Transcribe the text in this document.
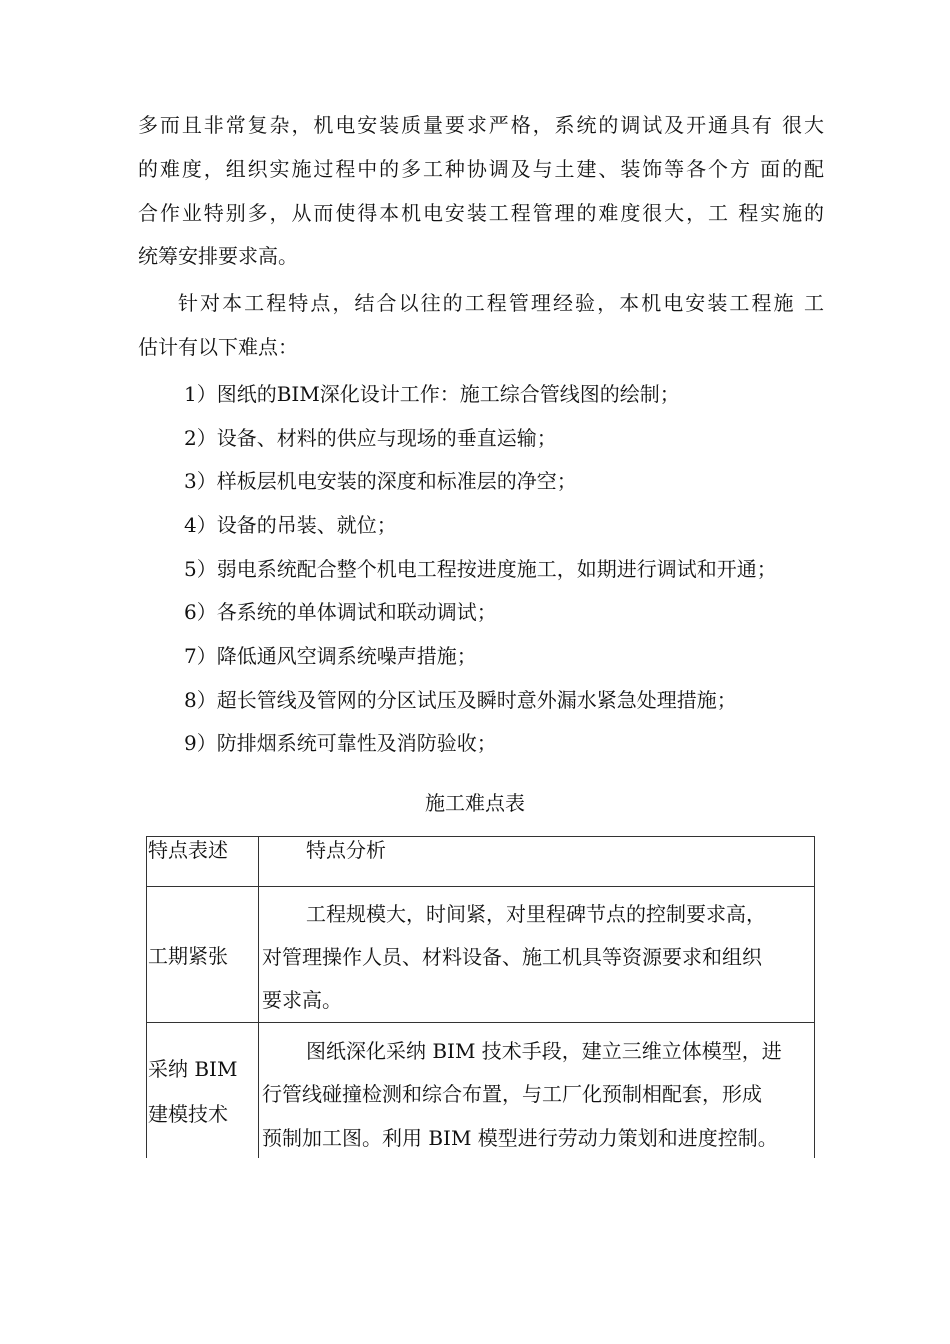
多而且非常复杂，机电安装质量要求严格，系统的调试及开通具有 很大
的难度，组织实施过程中的多工种协调及与土建、装饰等各个方 面的配
合作业特别多，从而使得本机电安装工程管理的难度很大，工 程实施的
统筹安排要求高。
针对本工程特点，结合以往的工程管理经验，本机电安装工程施 工
估计有以下难点：
1）图纸的BIM深化设计工作：施工综合管线图的绘制；
2）设备、材料的供应与现场的垂直运输；
3）样板层机电安装的深度和标准层的净空；
4）设备的吊装、就位；
5）弱电系统配合整个机电工程按进度施工，如期进行调试和开通；
6）各系统的单体调试和联动调试；
7）降低通风空调系统噪声措施；
8）超长管线及管网的分区试压及瞬时意外漏水紧急处理措施；
9）防排烟系统可靠性及消防验收；
施工难点表
特点表述	特点分析
工期紧张
工程规模大，时间紧，对里程碑节点的控制要求高，
对管理操作人员、材料设备、施工机具等资源要求和组织
要求高。
采纳 BIM
建模技术
图纸深化采纳 BIM 技术手段，建立三维立体模型，进
行管线碰撞检测和综合布置，与工厂化预制相配套，形成
预制加工图。利用 BIM 模型进行劳动力策划和进度控制。
